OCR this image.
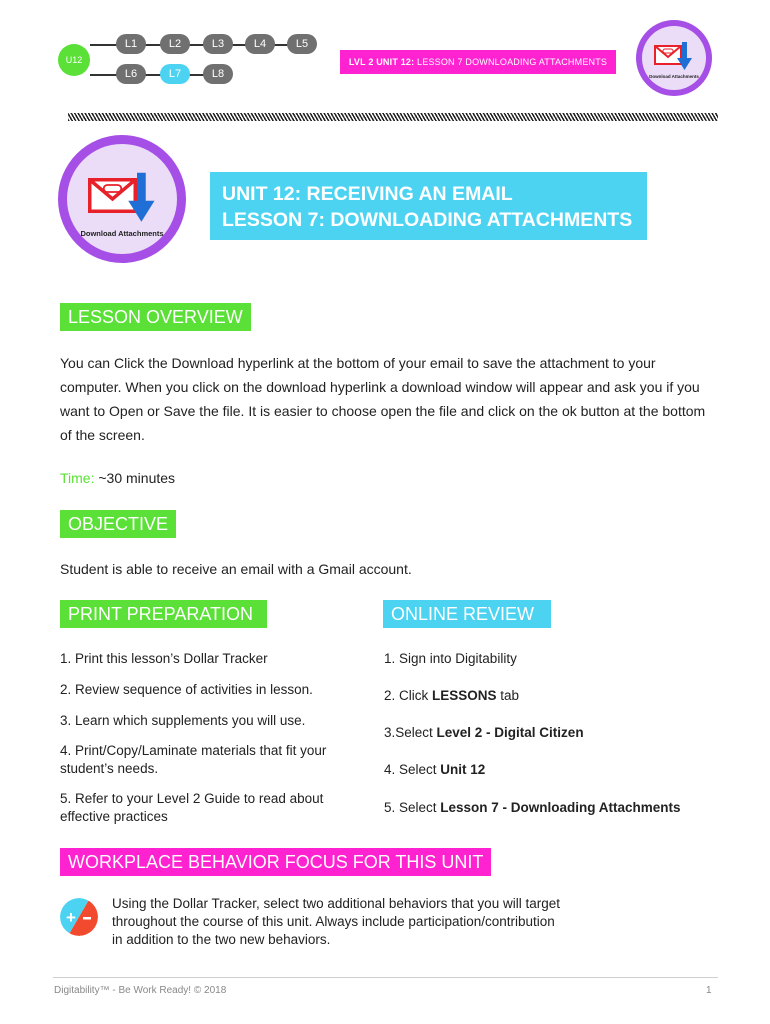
U12
L1	L2	L3	L4	L5
L6	L7	L8
LVL 2 UNIT 12: LESSON 7 DOWNLOADING ATTACHMENTS
Download Attachments
Download Attachments
UNIT 12: RECEIVING AN EMAIL
LESSON 7: DOWNLOADING ATTACHMENTS
LESSON OVERVIEW
You can Click the Download hyperlink at the bottom of your email to save the attachment to your computer. When you click on the download hyperlink a download window will appear and ask you if you want to Open or Save the file. It is easier to choose open the file and click on the ok button at the bottom of the screen.
Time: ~30 minutes
OBJECTIVE
Student is able to receive an email with a Gmail account.
PRINT PREPARATION
1. Print this lesson’s Dollar Tracker
2. Review sequence of activities in lesson.
3. Learn which supplements you will use.
4. Print/Copy/Laminate materials that fit your student’s needs.
5. Refer to your Level 2 Guide to read about effective practices
ONLINE REVIEW
1. Sign into Digitability
2. Click LESSONS tab
3.Select Level 2 - Digital Citizen
4. Select Unit 12
5. Select Lesson 7 - Downloading Attachments
WORKPLACE BEHAVIOR FOCUS FOR THIS UNIT
+
Using the Dollar Tracker, select two additional behaviors that you will target throughout the course of this unit. Always include participation/contribution in addition to the two new behaviors.
Digitability™ - Be Work Ready! © 2018	1
